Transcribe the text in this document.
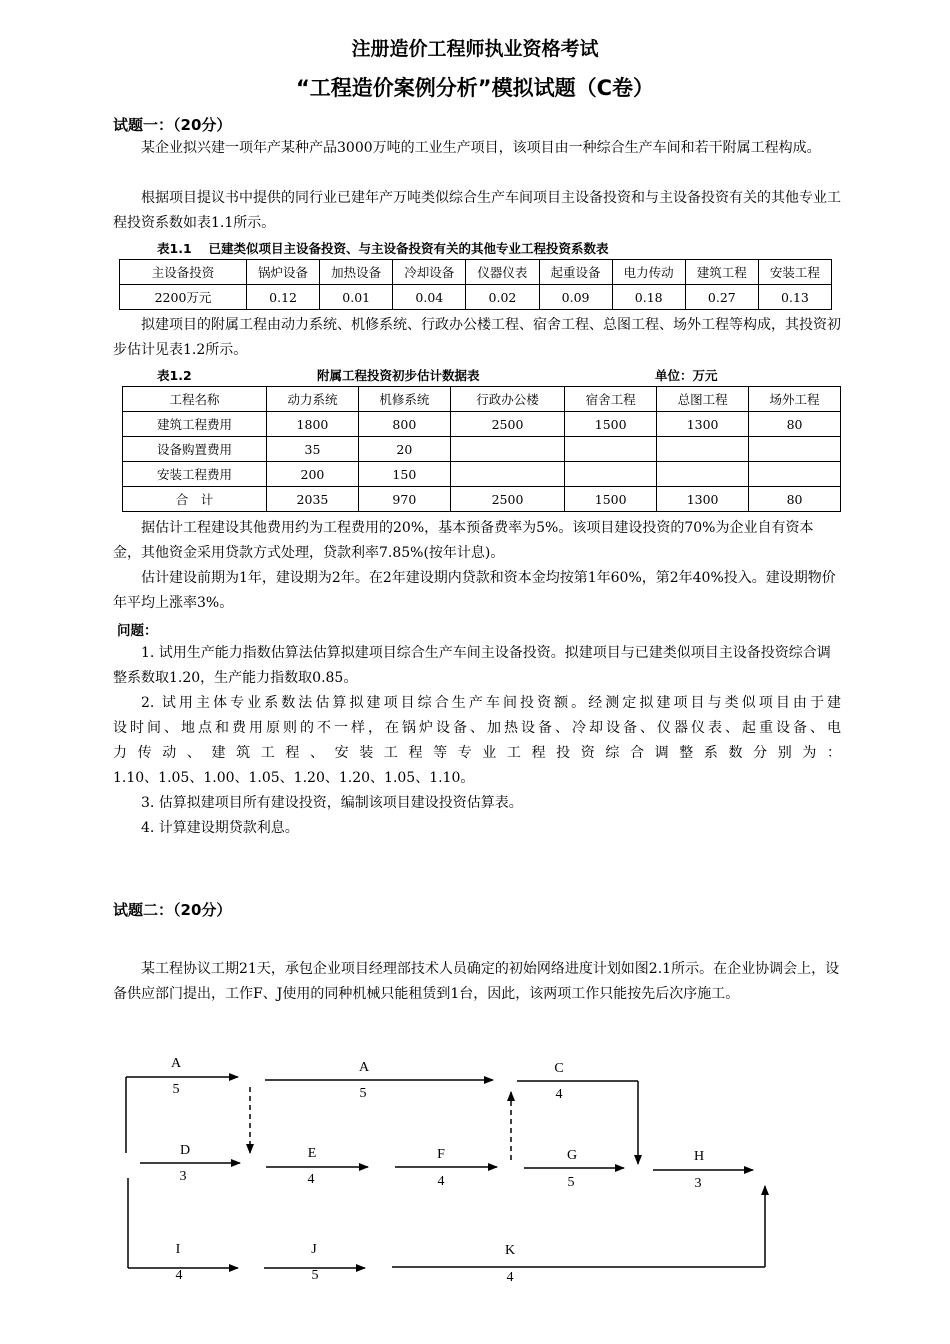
注册造价工程师执业资格考试
“工程造价案例分析”模拟试题（C卷）
试题一：（20分）

某企业拟兴建一项年产某种产品3000万吨的工业生产项目，该项目由一种综合生产车间和若干附属工程构成。

根据项目提议书中提供的同行业已建年产万吨类似综合生产车间项目主设备投资和与主设备投资有关的其他专业工程投资系数如表1.1所示。

表1.1　 已建类似项目主设备投资、与主设备投资有关的其他专业工程投资系数表
主设备投资	锅炉设备	加热设备	冷却设备	仪器仪表	起重设备	电力传动	建筑工程	安装工程
2200万元	0.12	0.01	0.04	0.02	0.09	0.18	0.27	0.13

拟建项目的附属工程由动力系统、机修系统、行政办公楼工程、宿舍工程、总图工程、场外工程等构成，其投资初步估计见表1.2所示。

表1.2	附属工程投资初步估计数据表	单位：万元
工程名称	动力系统	机修系统	行政办公楼	宿舍工程	总图工程	场外工程
建筑工程费用	1800	800	2500	1500	1300	80
设备购置费用	35	20				
安装工程费用	200	150				
合　计	2035	970	2500	1500	1300	80

据估计工程建设其他费用约为工程费用的20%，基本预备费率为5%。该项目建设投资的70%为企业自有资本金，其他资金采用贷款方式处理，贷款利率7.85%(按年计息)。

估计建设前期为1年，建设期为2年。在2年建设期内贷款和资本金均按第1年60%，第2年40%投入。建设期物价年平均上涨率3%。

问题：

1. 试用生产能力指数估算法估算拟建项目综合生产车间主设备投资。拟建项目与已建类似项目主设备投资综合调整系数取1.20，生产能力指数取0.85。

2. 试用主体专业系数法估算拟建项目综合生产车间投资额。经测定拟建项目与类似项目由于建

设时间、地点和费用原则的不一样，在锅炉设备、加热设备、冷却设备、仪器仪表、起重设备、电

力传动、建筑工程、安装工程等专业工程投资综合调整系数分别为：

1.10、1.05、1.00、1.05、1.20、1.20、1.05、1.10。

3. 估算拟建项目所有建设投资，编制该项目建设投资估算表。

4. 计算建设期贷款利息。

试题二：（20分）

某工程协议工期21天，承包企业项目经理部技术人员确定的初始网络进度计划如图2.1所示。在企业协调会上，设备供应部门提出，工作F、J使用的同种机械只能租赁到1台，因此，该两项工作只能按先后次序施工。

A
5
A
5
C
4
D
3
E
4
F
4
G
5
H
3
I
4
J
5
K
4
